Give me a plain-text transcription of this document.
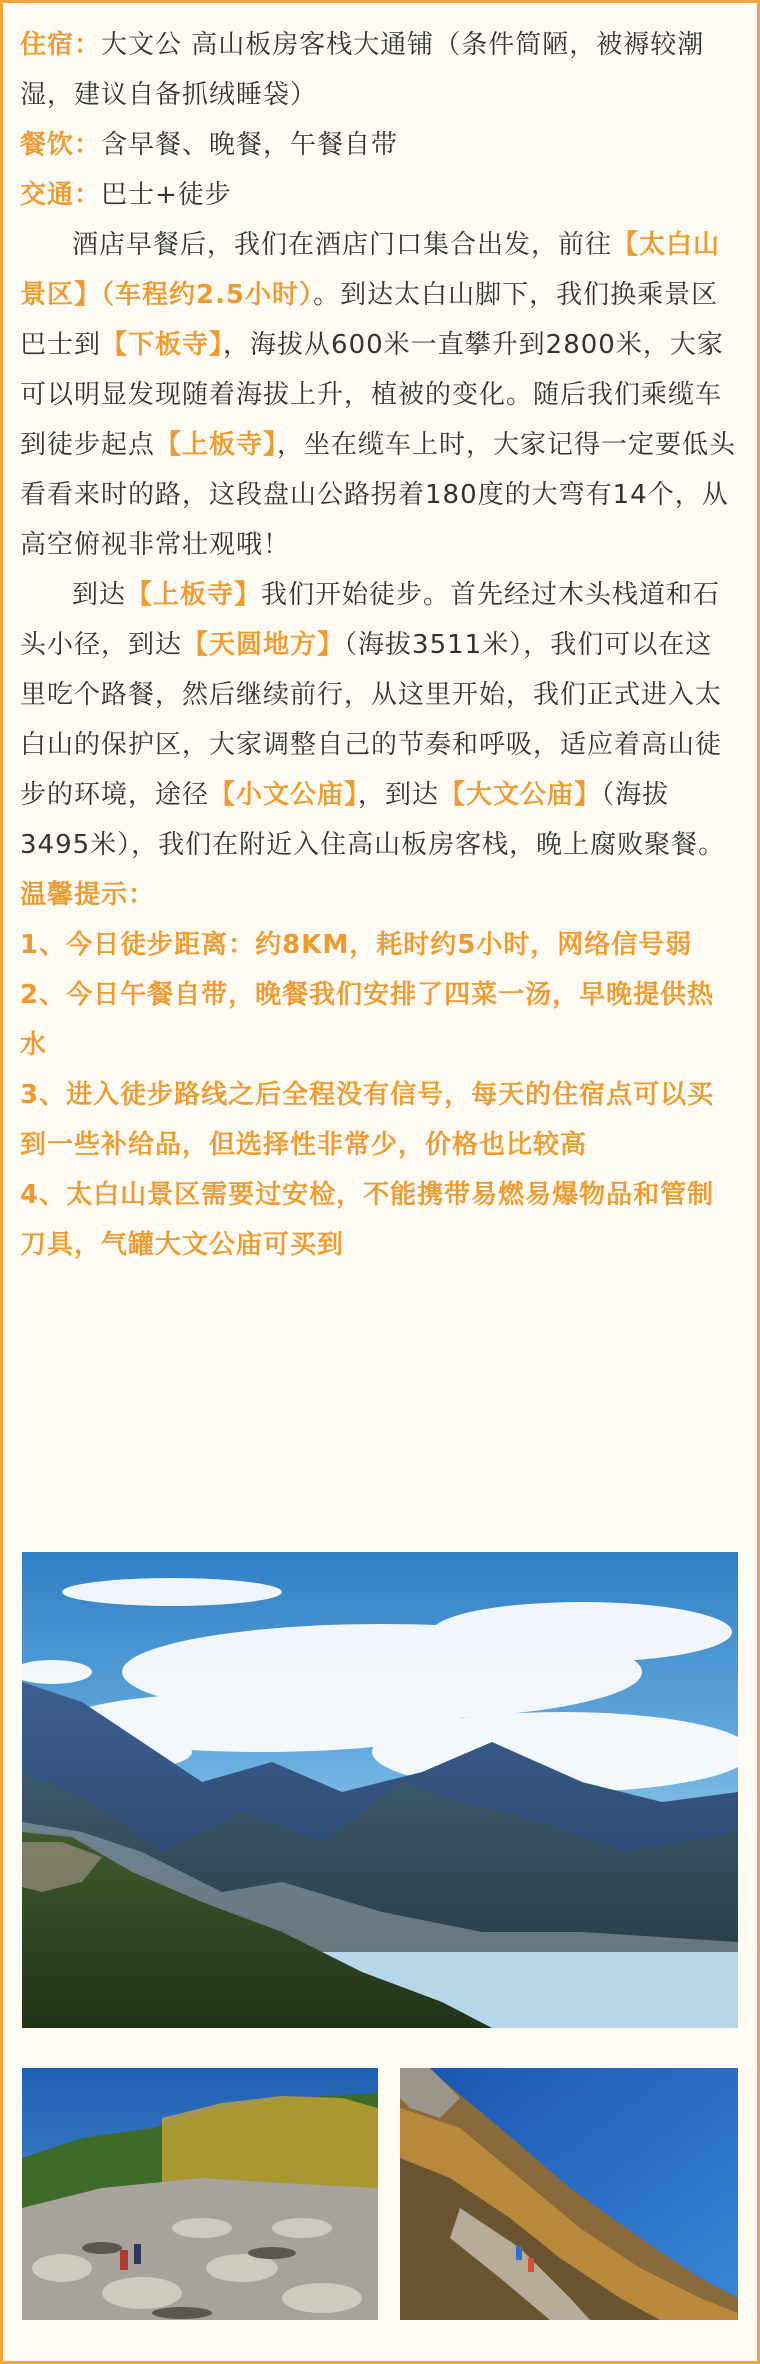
住宿：大文公 高山板房客栈大通铺（条件简陋，被褥较潮湿，建议自备抓绒睡袋）

餐饮：含早餐、晚餐，午餐自带

交通：巴士+徒步

酒店早餐后，我们在酒店门口集合出发，前往【太白山景区】（车程约2.5小时）。到达太白山脚下，我们换乘景区巴士到【下板寺】，海拔从600米一直攀升到2800米，大家可以明显发现随着海拔上升，植被的变化。随后我们乘缆车到徒步起点【上板寺】，坐在缆车上时，大家记得一定要低头看看来时的路，这段盘山公路拐着180度的大弯有14个，从高空俯视非常壮观哦！

到达【上板寺】我们开始徒步。首先经过木头栈道和石头小径，到达【天圆地方】（海拔3511米），我们可以在这里吃个路餐，然后继续前行，从这里开始，我们正式进入太白山的保护区，大家调整自己的节奏和呼吸，适应着高山徒步的环境，途径【小文公庙】，到达【大文公庙】（海拔3495米），我们在附近入住高山板房客栈，晚上腐败聚餐。

温馨提示：

1、今日徒步距离：约8KM，耗时约5小时，网络信号弱

2、今日午餐自带，晚餐我们安排了四菜一汤，早晚提供热水

3、进入徒步路线之后全程没有信号，每天的住宿点可以买到一些补给品，但选择性非常少，价格也比较高

4、太白山景区需要过安检，不能携带易燃易爆物品和管制刀具，气罐大文公庙可买到
